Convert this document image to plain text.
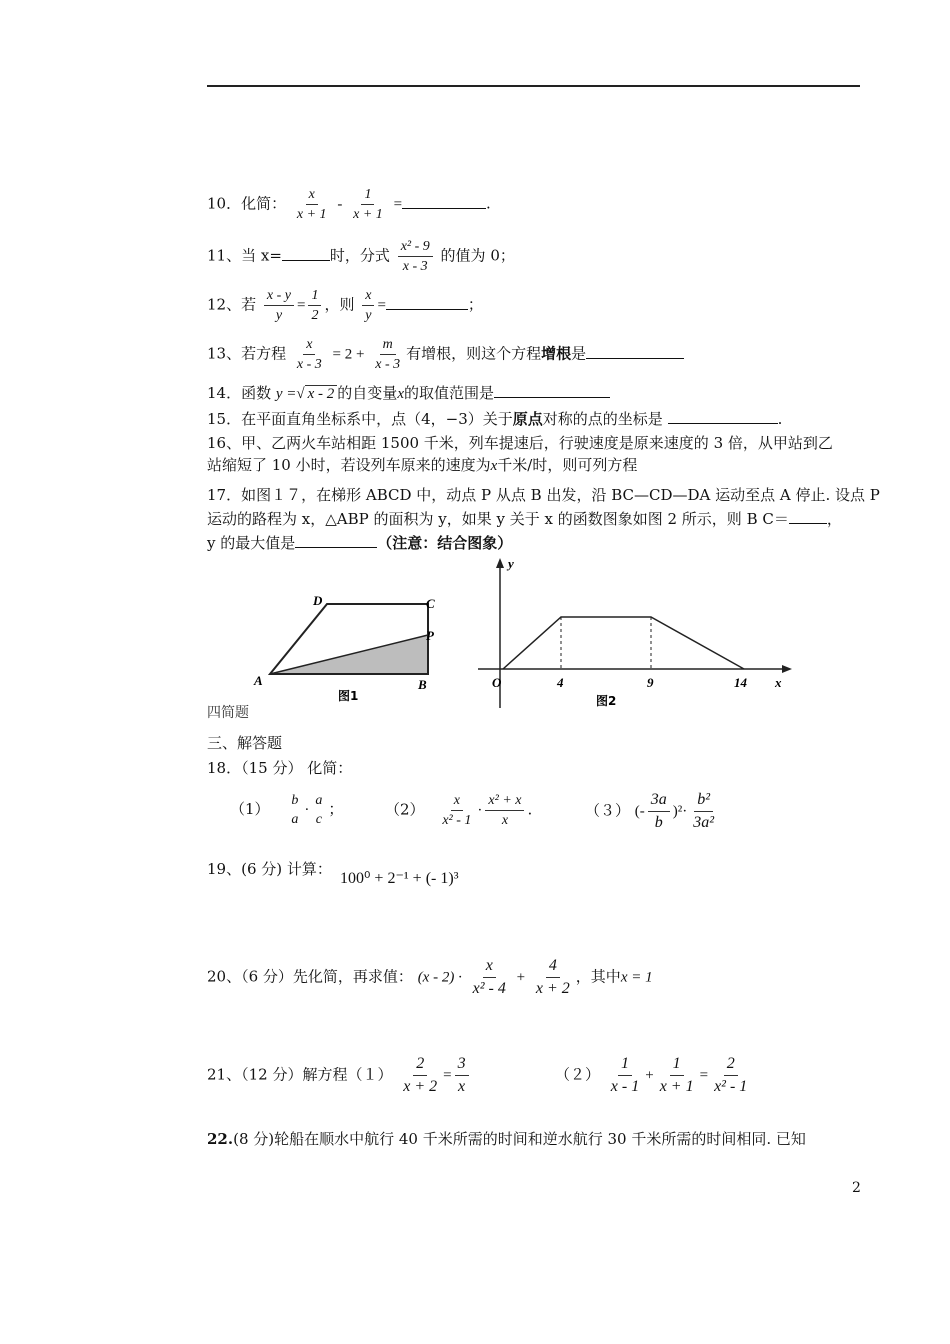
10．化简： $\frac{x}{x + 1} - \frac{1}{x + 1}$ =	.
11、当 x=	时，分式 $\frac{\text{x² - 9}}{x - 3}$ 的值为 0；
12、若 $\frac{x - y}{y} = \frac{1}{2}$ ，则 $\frac{x}{y}$ =	；
13、若方程 $\frac{x}{x - 3} = 2 + \frac{m}{x - 3}$ 有增根，则这个方程增根是
14．函数 y =√ x - 2 的自变量x的取值范围是
15．在平面直角坐标系中，点（4，−3）关于原点对称的点的坐标是	.
16、甲、乙两火车站相距 1500 千米，列车提速后，行驶速度是原来速度的 3 倍，从甲站到乙
站缩短了 10 小时，若设列车原来的速度为x千米/时，则可列方程
17．如图１７，在梯形 ABCD 中，动点 P 从点 B 出发，沿 BC—CD—DA 运动至点 A 停止. 设点 P
运动的路程为 x，△ABP 的面积为 y，如果 y 关于 x 的函数图象如图 2 所示，则 B C＝	，
y 的最大值是	（注意：结合图象）
A	B
C
D
P
图1
y
x
O	4	9	14
图2
四简题
三、解答题
18．（15 分） 化简：
（1） b
a
·
a
c
；	$(2) \frac{x}{\text{x² - 1}} \cdot \frac{\text{x² + x}}{x}$ .	（３） (- $\frac{3a}{b} )^2\cdot \frac{\text{b²}}{\text{3a²}}$
19、(6 分) 计算：
100⁰ + 2⁻¹ + (- 1)³
20、（6 分）先化简，再求值： $(x - 2) \cdot \frac{x}{\text{x² - 4}} + \frac{4}{x + 2}$ ，其中x = 1
21、（12 分）解方程$(1) \frac{2}{x + 2} = \frac{3}{x}$	$(2) \frac{1}{x - 1} + \frac{1}{x + 1} = \frac{2}{\text{x² - 1}}$
22.(8 分)轮船在顺水中航行 40 千米所需的时间和逆水航行 30 千米所需的时间相同. 已知
2
